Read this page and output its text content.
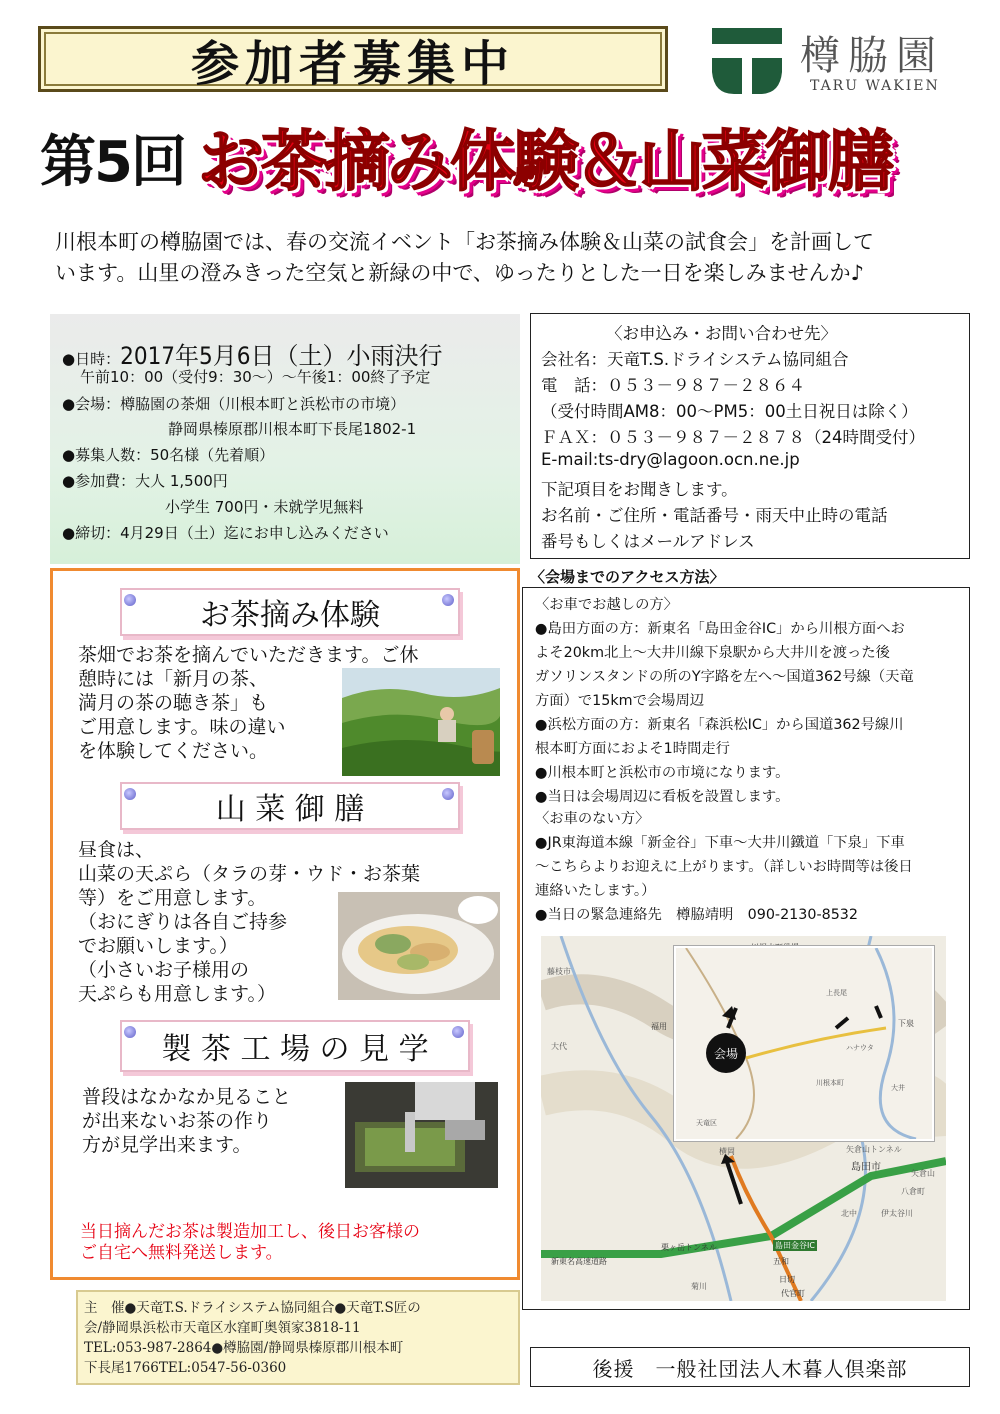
参加者募集中	樽脇園
TARU WAKIEN
第5回 お茶摘み体験＆山菜御膳
川根本町の樽脇園では、春の交流イベント「お茶摘み体験＆山菜の試食会」を計画して
います。山里の澄みきった空気と新緑の中で、ゆったりとした一日を楽しみませんか♪
●日時：2017年5月6日（土）小雨決行
午前10：00（受付9：30〜）〜午後1：00終了予定
●会場：樽脇園の茶畑（川根本町と浜松市の市境）
静岡県榛原郡川根本町下長尾1802-1
●募集人数：50名様（先着順）
●参加費：大人 1,500円
小学生 700円・未就学児無料
●締切：4月29日（土）迄にお申し込みください
〈お申込み・お問い合わせ先〉
会社名：天竜T.S.ドライシステム協同組合
電　話：０５３－９８７－２８６４
（受付時間AM8：00〜PM5：00土日祝日は除く）
ＦＡＸ：０５３－９８７－２８７８（24時間受付）
E-mail:ts-dry@lagoon.ocn.ne.jp
下記項目をお聞きします。
お名前・ご住所・電話番号・雨天中止時の電話
番号もしくはメールアドレス
お茶摘み体験
茶畑でお茶を摘んでいただきます。ご休
憩時には「新月の茶、
満月の茶の聴き茶」も
ご用意します。味の違い
を体験してください。
山 菜 御 膳
昼食は、
山菜の天ぷら（タラの芽・ウド・お茶葉
等）をご用意します。
（おにぎりは各自ご持参
でお願いします。）
（小さいお子様用の
天ぷらも用意します。）
製 茶 工 場 の 見 学
普段はなかなか見ること
が出来ないお茶の作り
方が見学出来ます。
当日摘んだお茶は製造加工し、後日お客様の
ご自宅へ無料発送します。
〈会場までのアクセス方法〉
〈お車でお越しの方〉
●島田方面の方：新東名「島田金谷IC」から川根方面へお
よそ20km北上〜大井川線下泉駅から大井川を渡った後
ガソリンスタンドの所のY字路を左へ〜国道362号線（天竜
方面）で15kmで会場周辺
●浜松方面の方：新東名「森浜松IC」から国道362号線川
根本町方面におよそ1時間走行
●川根本町と浜松市の市境になります。
●当日は会場周辺に看板を設置します。
〈お車のない方〉
●JR東海道本線「新金谷」下車〜大井川鐵道「下泉」下車
〜こちらよりお迎えに上がります。（詳しいお時間等は後日
連絡いたします。）
●当日の緊急連絡先　樽脇靖明　090-2130-8532
会場
下泉
天竜区
川根本町
上長尾
大井
ハナウタ
藤枝市
福用
大代
島田市
矢倉山トンネル
島田金谷IC
五和
日切
代官町
伊太谷川
八倉町
北中
矢倉山
栗ヶ岳トンネル
新東名高速道路
菊川
横岡
主　催●天竜T.S.ドライシステム協同組合●天竜T.S匠の
会/静岡県浜松市天竜区水窪町奥領家3818-11
TEL:053-987-2864●樽脇園/静岡県榛原郡川根本町
下長尾1766TEL:0547-56-0360	後援　一般社団法人木暮人倶楽部
